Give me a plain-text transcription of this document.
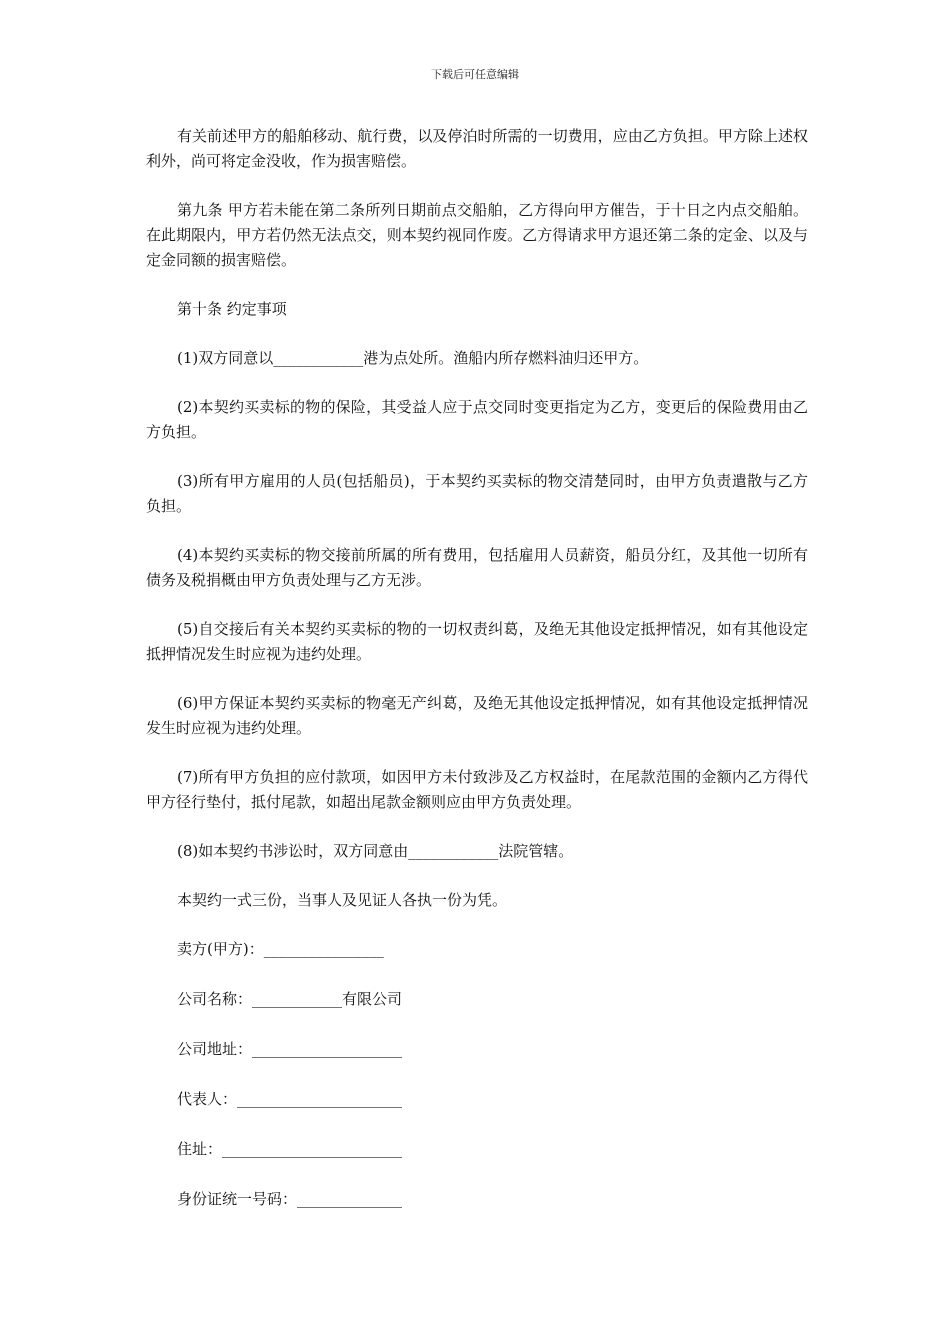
下载后可任意编辑

有关前述甲方的船舶移动、航行费，以及停泊时所需的一切费用，应由乙方负担。甲方除上述权利外，尚可将定金没收，作为损害赔偿。

第九条 甲方若未能在第二条所列日期前点交船舶，乙方得向甲方催告，于十日之内点交船舶。在此期限内，甲方若仍然无法点交，则本契约视同作废。乙方得请求甲方退还第二条的定金、以及与定金同额的损害赔偿。

第十条 约定事项

(1)双方同意以____________港为点处所。渔船内所存燃料油归还甲方。

(2)本契约买卖标的物的保险，其受益人应于点交同时变更指定为乙方，变更后的保险费用由乙方负担。

(3)所有甲方雇用的人员(包括船员)，于本契约买卖标的物交清楚同时，由甲方负责遣散与乙方负担。

(4)本契约买卖标的物交接前所属的所有费用，包括雇用人员薪资，船员分红，及其他一切所有债务及税捐概由甲方负责处理与乙方无涉。

(5)自交接后有关本契约买卖标的物的一切权责纠葛，及绝无其他设定抵押情况，如有其他设定抵押情况发生时应视为违约处理。

(6)甲方保证本契约买卖标的物毫无产纠葛，及绝无其他设定抵押情况，如有其他设定抵押情况发生时应视为违约处理。

(7)所有甲方负担的应付款项，如因甲方未付致涉及乙方权益时，在尾款范围的金额内乙方得代甲方径行垫付，抵付尾款，如超出尾款金额则应由甲方负责处理。

(8)如本契约书涉讼时，双方同意由____________法院管辖。

本契约一式三份，当事人及见证人各执一份为凭。

卖方(甲方)：________________
公司名称：____________有限公司
公司地址：____________________
代表人：______________________
住址：________________________
身份证统一号码：______________
